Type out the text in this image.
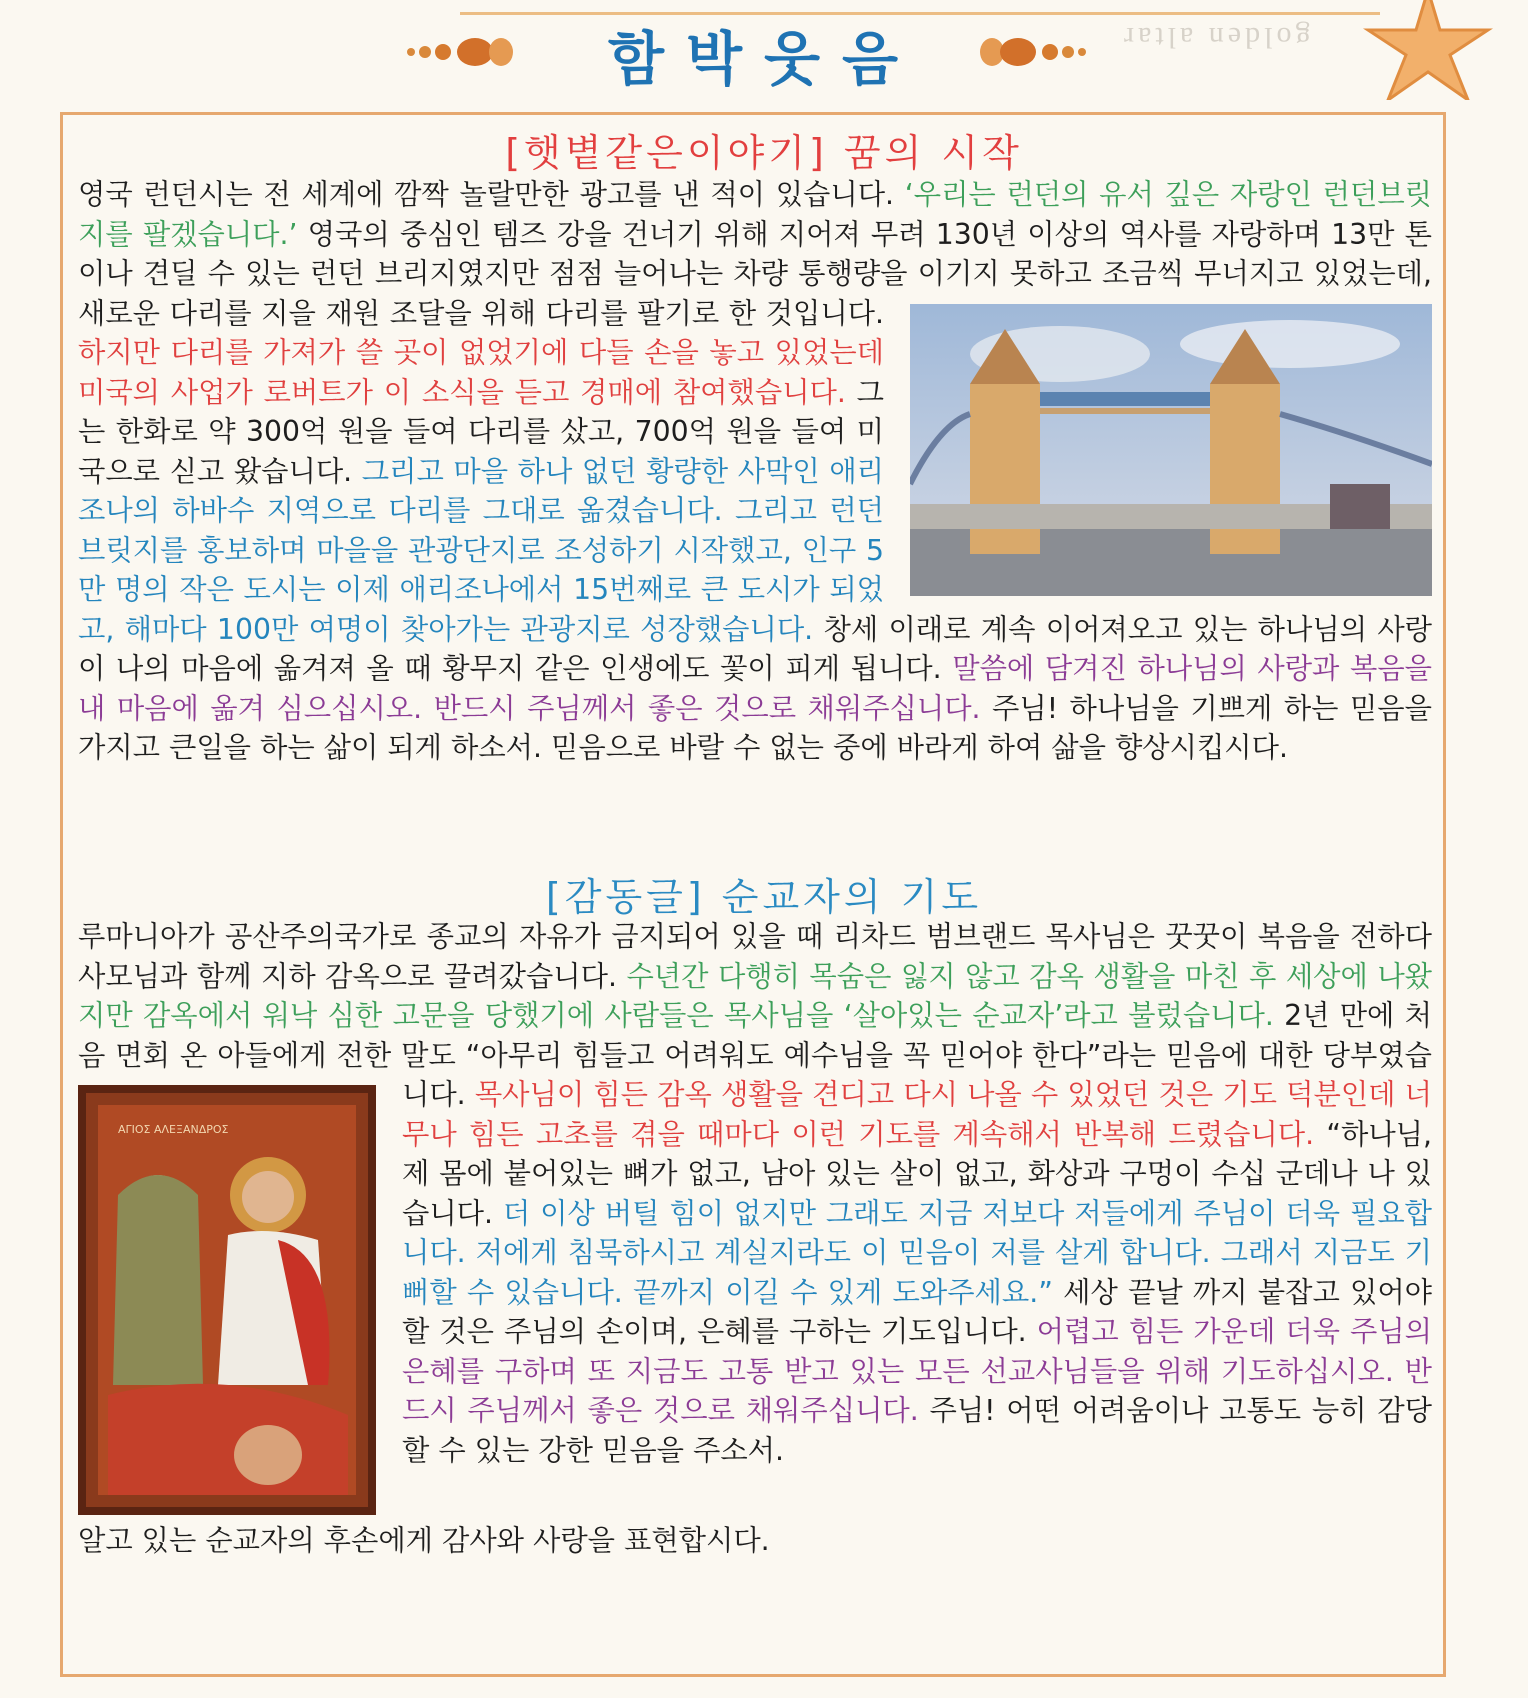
golden altar
함박웃음
[햇볕같은이야기] 꿈의 시작
영국 런던시는 전 세계에 깜짝 놀랄만한 광고를 낸 적이 있습니다. ‘우리는 런던의 유서 깊은 자랑인 런던브릿지를 팔겠습니다.’ 영국의 중심인 템즈 강을 건너기 위해 지어져 무려 130년 이상의 역사를 자랑하며 13만 톤이나 견딜 수 있는 런던 브리지였지만 점점 늘어나는 차량 통행량을 이기지 못하고 조금씩 무너지고 있었는데, 새로운 다리를 지을 재원 조달을 위해 다리를 팔기로 한 것입니다.
하지만 다리를 가져가 쓸 곳이 없었기에 다들 손을 놓고 있었는데 미국의 사업가 로버트가 이 소식을 듣고 경매에 참여했습니다. 그는 한화로 약 300억 원을 들여 다리를 샀고, 700억 원을 들여 미국으로 싣고 왔습니다. 그리고 마을 하나 없던 황량한 사막인 애리조나의 하바수 지역으로 다리를 그대로 옮겼습니다. 그리고 런던브릿지를 홍보하며 마을을 관광단지로 조성하기 시작했고, 인구 5만 명의 작은 도시는 이제 애리조나에서 15번째로 큰 도시가 되었고, 해마다 100만 여명이 찾아가는 관광지로 성장했습니다. 창세 이래로 계속 이어져오고 있는 하나님의 사랑이 나의 마음에 옮겨져 올 때 황무지 같은 인생에도 꽃이 피게 됩니다. 말씀에 담겨진 하나님의 사랑과 복음을 내 마음에 옮겨 심으십시오. 반드시 주님께서 좋은 것으로 채워주십니다. 주님! 하나님을 기쁘게 하는 믿음을 가지고 큰일을 하는 삶이 되게 하소서. 믿음으로 바랄 수 없는 중에 바라게 하여 삶을 향상시킵시다.
[감동글] 순교자의 기도
루마니아가 공산주의국가로 종교의 자유가 금지되어 있을 때 리차드 범브랜드 목사님은 꿋꿋이 복음을 전하다 사모님과 함께 지하 감옥으로 끌려갔습니다. 수년간 다행히 목숨은 잃지 않고 감옥 생활을 마친 후 세상에 나왔지만 감옥에서 워낙 심한 고문을 당했기에 사람들은 목사님을 ‘살아있는 순교자’라고 불렀습니다. 2년 만에 처음 면회 온 아들에게 전한 말도 “아무리 힘들고 어려워도 예수님을 꼭 믿어야 한다”라는 믿음에 대한 당부였습니다.
ΑΓΙΟΣ ΑΛΕΞΑΝΔΡΟΣ
목사님이 힘든 감옥 생활을 견디고 다시 나올 수 있었던 것은 기도 덕분인데 너무나 힘든 고초를 겪을 때마다 이런 기도를 계속해서 반복해 드렸습니다. “하나님, 제 몸에 붙어있는 뼈가 없고, 남아 있는 살이 없고, 화상과 구멍이 수십 군데나 나 있습니다. 더 이상 버틸 힘이 없지만 그래도 지금 저보다 저들에게 주님이 더욱 필요합니다. 저에게 침묵하시고 계실지라도 이 믿음이 저를 살게 합니다. 그래서 지금도 기뻐할 수 있습니다. 끝까지 이길 수 있게 도와주세요.” 세상 끝날 까지 붙잡고 있어야 할 것은 주님의 손이며, 은혜를 구하는 기도입니다. 어렵고 힘든 가운데 더욱 주님의 은혜를 구하며 또 지금도 고통 받고 있는 모든 선교사님들을 위해 기도하십시오. 반드시 주님께서 좋은 것으로 채워주십니다. 주님! 어떤 어려움이나 고통도 능히 감당할 수 있는 강한 믿음을 주소서.
알고 있는 순교자의 후손에게 감사와 사랑을 표현합시다.
